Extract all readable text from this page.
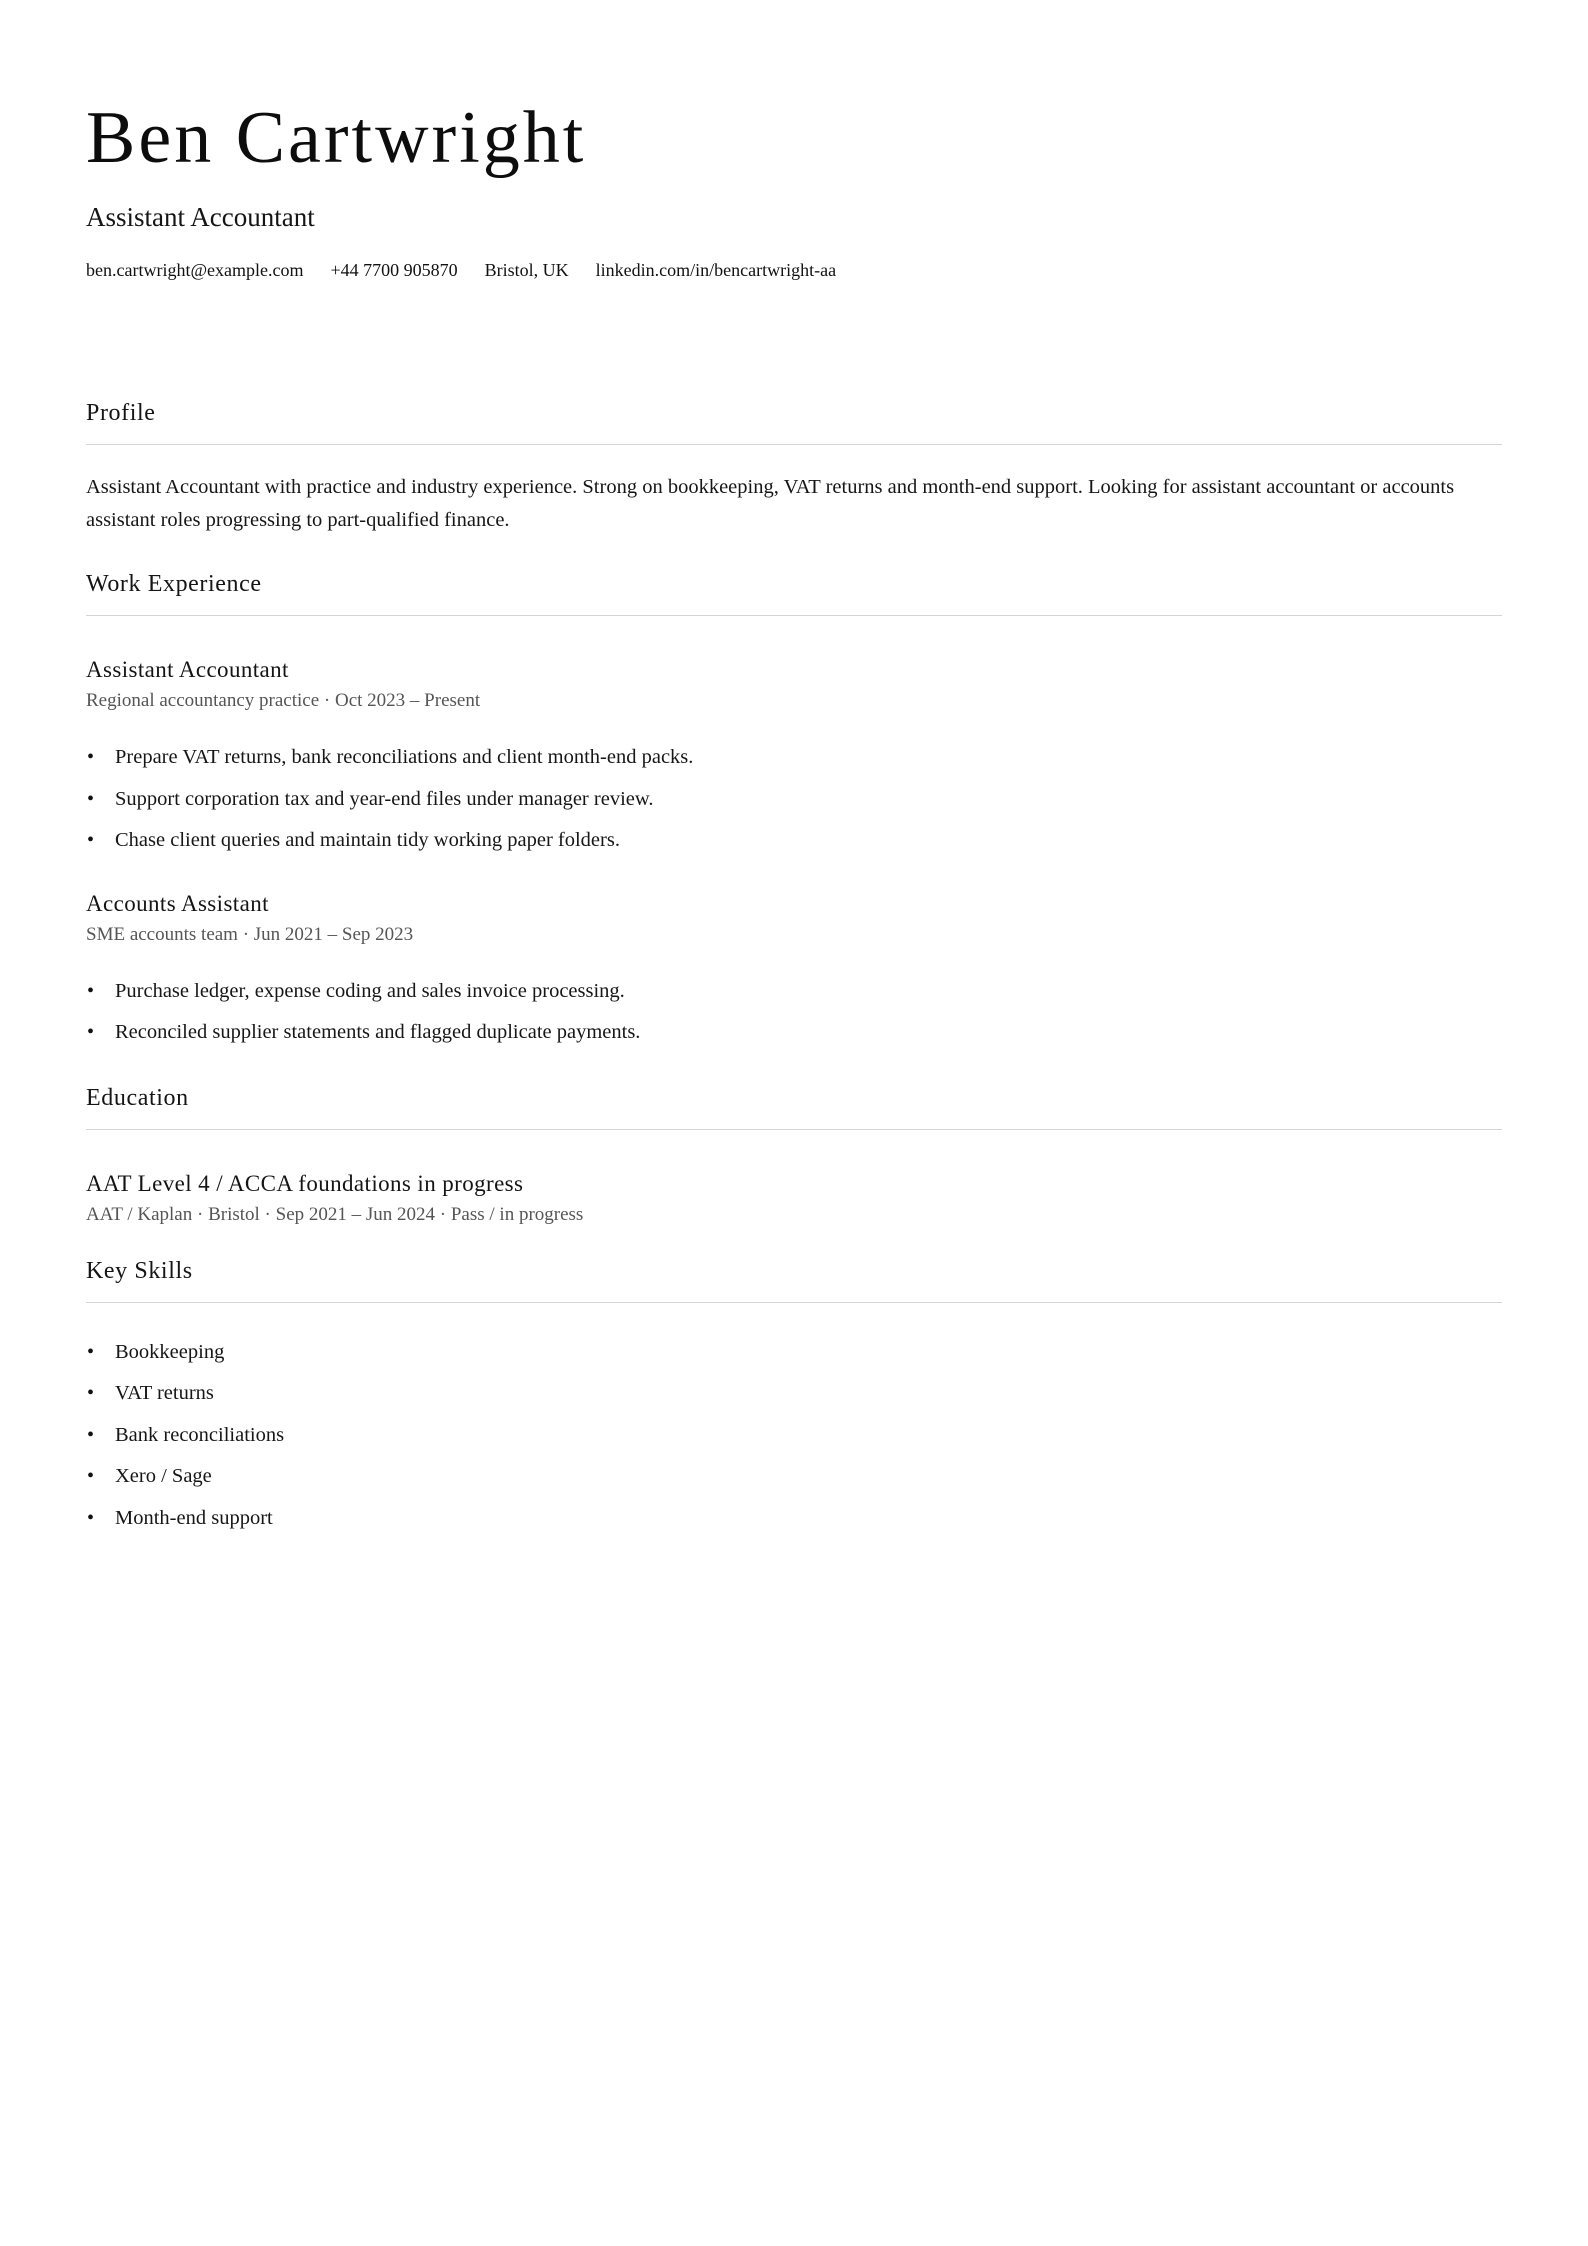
Ben Cartwright
Assistant Accountant
ben.cartwright@example.com +44 7700 905870 Bristol, UK linkedin.com/in/bencartwright-aa
Profile

Assistant Accountant with practice and industry experience. Strong on bookkeeping, VAT returns and month-end support. Looking for assistant accountant or accounts assistant roles progressing to part-qualified finance.

Work Experience
Assistant Accountant
Regional accountancy practice · Oct 2023 – Present
• Prepare VAT returns, bank reconciliations and client month-end packs.
• Support corporation tax and year-end files under manager review.
• Chase client queries and maintain tidy working paper folders.
Accounts Assistant
SME accounts team · Jun 2021 – Sep 2023
• Purchase ledger, expense coding and sales invoice processing.
• Reconciled supplier statements and flagged duplicate payments.
Education
AAT Level 4 / ACCA foundations in progress
AAT / Kaplan · Bristol · Sep 2021 – Jun 2024 · Pass / in progress
Key Skills
• Bookkeeping
• VAT returns
• Bank reconciliations
• Xero / Sage
• Month-end support
